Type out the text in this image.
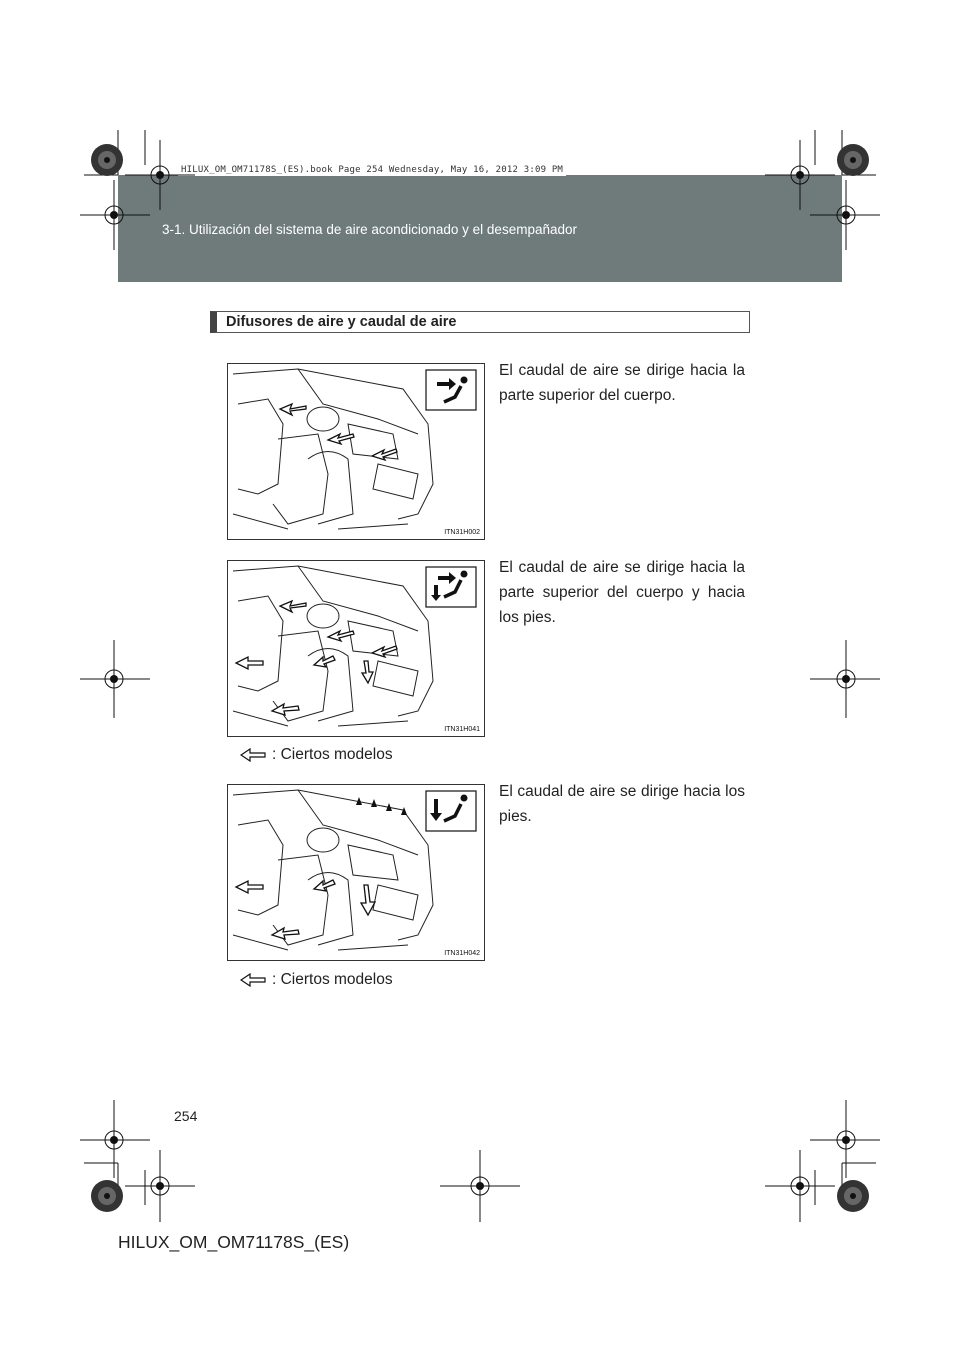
3-1. Utilización del sistema de aire acondicionado y el desempañador
HILUX_OM_OM71178S_(ES).book Page 254 Wednesday, May 16, 2012 3:09 PM
Difusores de aire y caudal de aire
ITN31H002
El caudal de aire se dirige hacia la parte superior del cuerpo.
ITN31H041
El caudal de aire se dirige hacia la parte superior del cuerpo y hacia los pies.
: Ciertos modelos
ITN31H042
El caudal de aire se dirige hacia los pies.
: Ciertos modelos
254
HILUX_OM_OM71178S_(ES)
